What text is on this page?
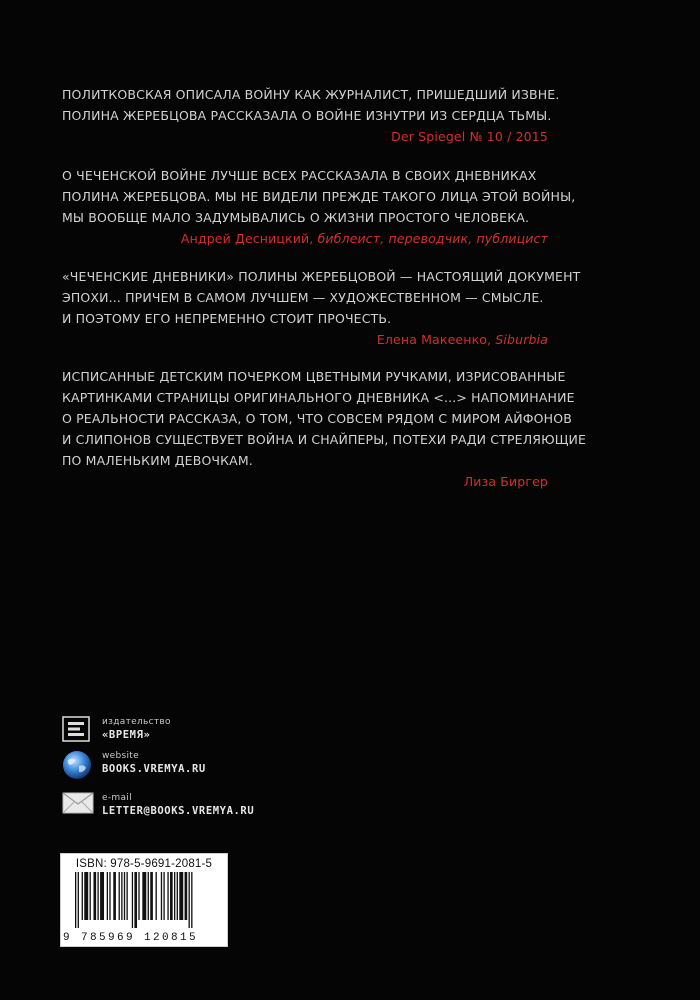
ПОЛИТКОВСКАЯ ОПИСАЛА ВОЙНУ КАК ЖУРНАЛИСТ, ПРИШЕДШИЙ ИЗВНЕ.
ПОЛИНА ЖЕРЕБЦОВА РАССКАЗАЛА О ВОЙНЕ ИЗНУТРИ ИЗ СЕРДЦА ТЬМЫ.
Der Spiegel № 10 / 2015
О ЧЕЧЕНСКОЙ ВОЙНЕ ЛУЧШЕ ВСЕХ РАССКАЗАЛА В СВОИХ ДНЕВНИКАХ
ПОЛИНА ЖЕРЕБЦОВА. МЫ НЕ ВИДЕЛИ ПРЕЖДЕ ТАКОГО ЛИЦА ЭТОЙ ВОЙНЫ,
МЫ ВООБЩЕ МАЛО ЗАДУМЫВАЛИСЬ О ЖИЗНИ ПРОСТОГО ЧЕЛОВЕКА.
Андрей Десницкий, библеист, переводчик, публицист
«ЧЕЧЕНСКИЕ ДНЕВНИКИ» ПОЛИНЫ ЖЕРЕБЦОВОЙ — НАСТОЯЩИЙ ДОКУМЕНТ
ЭПОХИ... ПРИЧЕМ В САМОМ ЛУЧШЕМ — ХУДОЖЕСТВЕННОМ — СМЫСЛЕ.
И ПОЭТОМУ ЕГО НЕПРЕМЕННО СТОИТ ПРОЧЕСТЬ.
Елена Макеенко, Siburbia
ИСПИСАННЫЕ ДЕТСКИМ ПОЧЕРКОМ ЦВЕТНЫМИ РУЧКАМИ, ИЗРИСОВАННЫЕ
КАРТИНКАМИ СТРАНИЦЫ ОРИГИНАЛЬНОГО ДНЕВНИКА <...> НАПОМИНАНИЕ
О РЕАЛЬНОСТИ РАССКАЗА, О ТОМ, ЧТО СОВСЕМ РЯДОМ С МИРОМ АЙФОНОВ
И СЛИПОНОВ СУЩЕСТВУЕТ ВОЙНА И СНАЙПЕРЫ, ПОТЕХИ РАДИ СТРЕЛЯЮЩИЕ
ПО МАЛЕНЬКИМ ДЕВОЧКАМ.
Лиза Биргер
издательство
«ВРЕМЯ»
website
BOOKS.VREMYA.RU
e-mail
LETTER@BOOKS.VREMYA.RU
ISBN: 978-5-9691-2081-5
9 785969 120815
